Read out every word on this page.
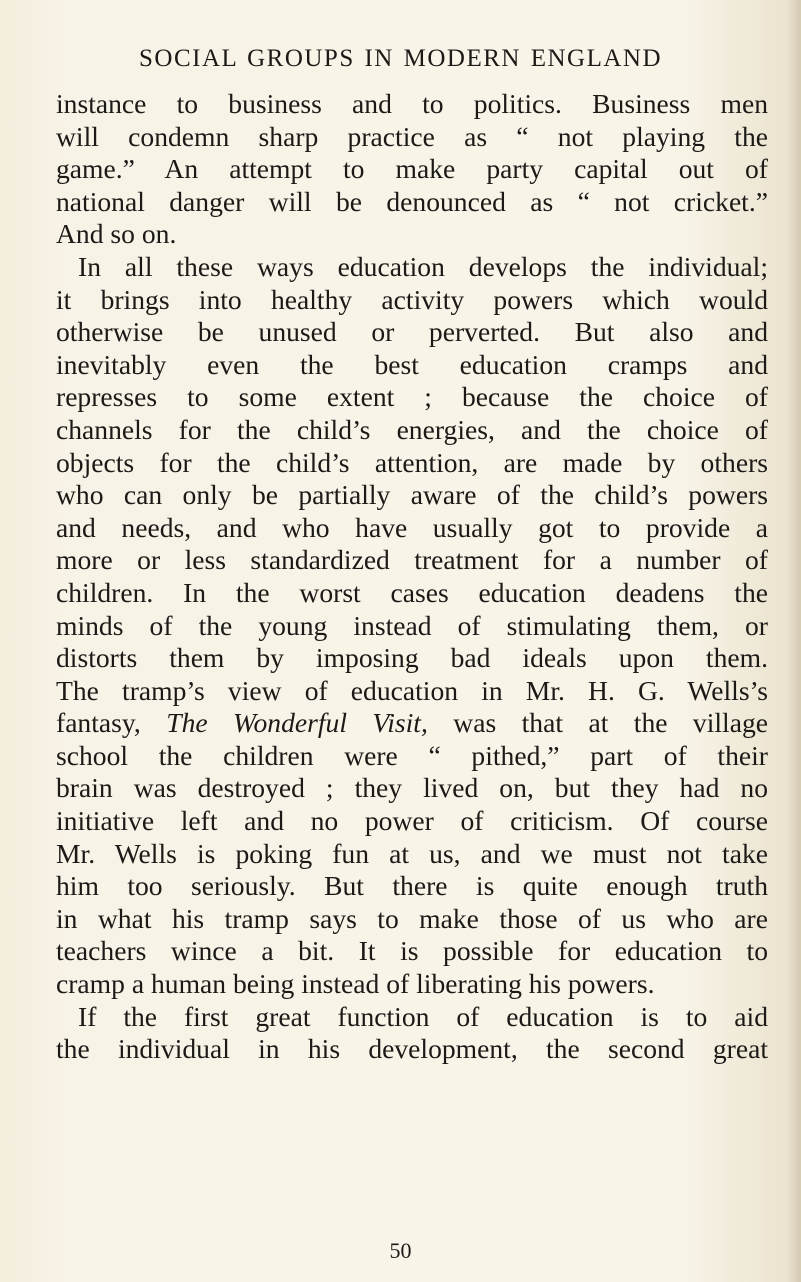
SOCIAL GROUPS IN MODERN ENGLAND
instance to business and to politics. Business men
will condemn sharp practice as “ not playing the
game.” An attempt to make party capital out of
national danger will be denounced as “ not cricket.”
And so on.
In all these ways education develops the individual;
it brings into healthy activity powers which would
otherwise be unused or perverted. But also and
inevitably even the best education cramps and
represses to some extent ; because the choice of
channels for the child’s energies, and the choice of
objects for the child’s attention, are made by others
who can only be partially aware of the child’s powers
and needs, and who have usually got to provide a
more or less standardized treatment for a number of
children. In the worst cases education deadens the
minds of the young instead of stimulating them, or
distorts them by imposing bad ideals upon them.
The tramp’s view of education in Mr. H. G. Wells’s
fantasy, The Wonderful Visit, was that at the village
school the children were “ pithed,” part of their
brain was destroyed ; they lived on, but they had no
initiative left and no power of criticism. Of course
Mr. Wells is poking fun at us, and we must not take
him too seriously. But there is quite enough truth
in what his tramp says to make those of us who are
teachers wince a bit. It is possible for education to
cramp a human being instead of liberating his powers.
If the first great function of education is to aid
the individual in his development, the second great
50
